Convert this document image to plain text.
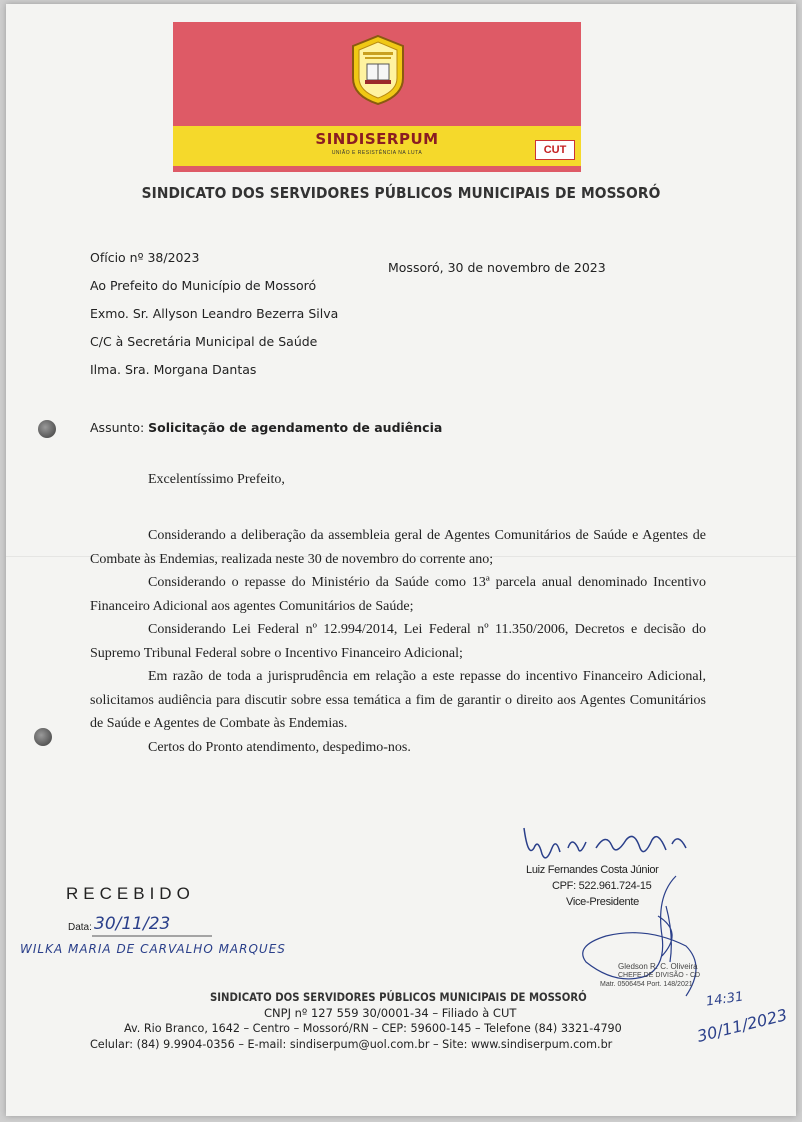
SINDISERPUM
UNIÃO E RESISTÊNCIA NA LUTA	CUT
SINDICATO DOS SERVIDORES PÚBLICOS MUNICIPAIS DE MOSSORÓ
Ofício nº 38/2023
Mossoró, 30 de novembro de 2023
Ao Prefeito do Município de Mossoró
Exmo. Sr. Allyson Leandro Bezerra Silva
C/C à Secretária Municipal de Saúde
Ilma. Sra. Morgana Dantas
Assunto: Solicitação de agendamento de audiência
Excelentíssimo Prefeito,

Considerando a deliberação da assembleia geral de Agentes Comunitários de Saúde e Agentes de Combate às Endemias, realizada neste 30 de novembro do corrente ano;

Considerando o repasse do Ministério da Saúde como 13ª parcela anual denominado Incentivo Financeiro Adicional aos agentes Comunitários de Saúde;

Considerando Lei Federal nº 12.994/2014, Lei Federal nº 11.350/2006, Decretos e decisão do Supremo Tribunal Federal sobre o Incentivo Financeiro Adicional;

Em razão de toda a jurisprudência em relação a este repasse do incentivo Financeiro Adicional, solicitamos audiência para discutir sobre essa temática a fim de garantir o direito aos Agentes Comunitários de Saúde e Agentes de Combate às Endemias.

Certos do Pronto atendimento, despedimo-nos.

Luiz Fernandes Costa Júnior
CPF: 522.961.724-15
Vice-Presidente
RECEBIDO
Data: 30/11/23
WILKA MARIA DE CARVALHO MARQUES
Gledson R. C. Oliveira
CHEFE DE DIVISÃO - CD
Matr. 0506454 Port. 148/2021
14:31
30/11/2023
SINDICATO DOS SERVIDORES PÚBLICOS MUNICIPAIS DE MOSSORÓ
CNPJ nº 127 559 30/0001-34 – Filiado à CUT
Av. Rio Branco, 1642 – Centro – Mossoró/RN – CEP: 59600-145 – Telefone (84) 3321-4790
Celular: (84) 9.9904-0356 – E-mail: sindiserpum@uol.com.br – Site: www.sindiserpum.com.br
